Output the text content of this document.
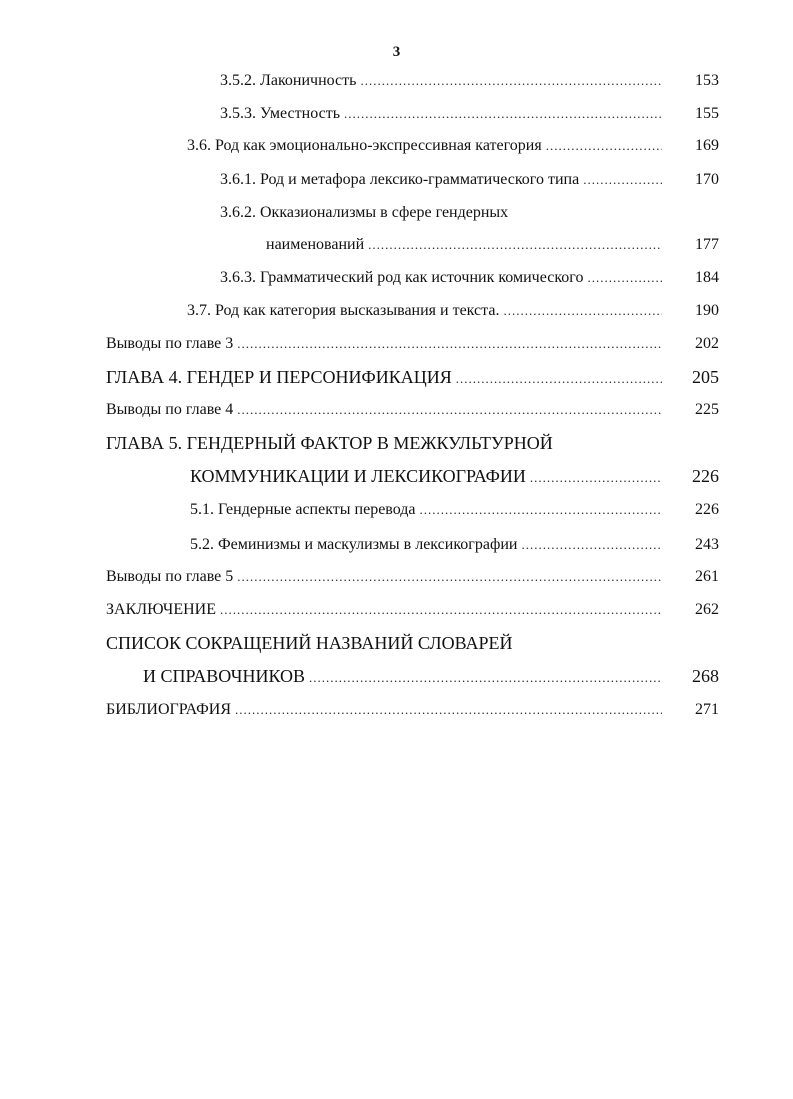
3
3.5.2. Лаконичность .....	153
3.5.3. Уместность .....	155
3.6. Род как эмоционально-экспрессивная категория .....	169
3.6.1. Род и метафора лексико-грамматического типа .....	170
3.6.2. Окказионализмы в сфере гендерных
наименований .....	177
3.6.3. Грамматический род как источник комического .....	184
3.7. Род как категория высказывания и текста. .....	190
Выводы по главе 3 .....	202
ГЛАВА 4. ГЕНДЕР И ПЕРСОНИФИКАЦИЯ .....	205
Выводы по главе 4 .....	225
ГЛАВА 5. ГЕНДЕРНЫЙ ФАКТОР В МЕЖКУЛЬТУРНОЙ
КОММУНИКАЦИИ И ЛЕКСИКОГРАФИИ .....	226
5.1. Гендерные аспекты перевода .....	226
5.2. Феминизмы и маскулизмы в лексикографии .....	243
Выводы по главе 5 .....	261
ЗАКЛЮЧЕНИЕ .....	262
СПИСОК СОКРАЩЕНИЙ НАЗВАНИЙ СЛОВАРЕЙ
И СПРАВОЧНИКОВ .....	268
БИБЛИОГРАФИЯ .....	271
